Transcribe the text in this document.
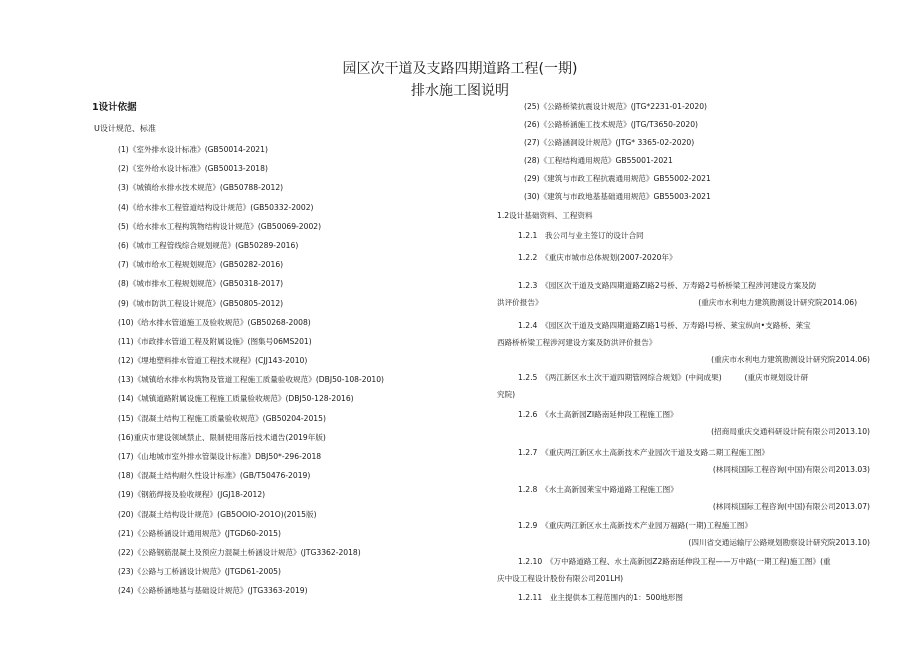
园区次干道及支路四期道路工程(一期)
排水施工图说明
1设计依据
U设计规范、标准
(1)《室外排水设计标准》(GB50014-2021)
(2)《室外给水设计标准》(GB50013-2018)
(3)《城镇给水排水技术规范》(GB50788-2012)
(4)《给水排水工程管道结构设计规范》(GB50332-2002)
(5)《给水排水工程构筑物结构设计规范》(GB50069-2002)
(6)《城市工程管线综合规划规范》(GB50289-2016)
(7)《城市给水工程规划规范》(GB50282-2016)
(8)《城市排水工程规划规范》(GB50318-2017)
(9)《城市防洪工程设计规范》(GB50805-2012)
(10)《给水排水管道施工及验收规范》(GB50268-2008)
(11)《市政排水管道工程及附属设施》(图集号06MS201)
(12)《埋地塑料排水管道工程技术规程》(CJJ143-2010)
(13)《城镇给水排水构筑物及管道工程施工质量验收规范》(DBJ50-108-2010)
(14)《城镇道路附属设施工程施工质量验收规范》(DBJ50-128-2016)
(15)《混凝土结构工程施工质量验收规范》(GB50204-2015)
(16)重庆市建设领域禁止、限制使用落后技术通告(2019年版)
(17)《山地城市室外排水管渠设计标准》DBJ50*-296-2018
(18)《混凝土结构耐久性设计标准》(GB/T50476-2019)
(19)《钢筋焊接及验收规程》(JGJ18-2012)
(20)《混凝土结构设计规范》(GB5OOIO-2O1O)(2015版)
(21)《公路桥涵设计通用规范》(JTGD60-2015)
(22)《公路钢筋混凝土及预应力混凝土桥涵设计规范》(JTG3362-2018)
(23)《公路与工桥涵设计规范》(JTGD61-2005)
(24)《公路桥涵地基与基础设计规范》(JTG3363-2019)
(25)《公路桥梁抗震设计规范》(JTG*2231-01-2020)
(26)《公路桥涵施工技术规范》(JTG/T3650-2020)
(27)《公路涵洞设计规范》(JTG* 3365-02-2020)
(28)《工程结构通用规范》GB55001-2021
(29)《建筑与市政工程抗震通用规范》GB55002-2021
(30)《建筑与市政地基基础通用规范》GB55003-2021
1.2设计基础资料、工程资料
1.2.1　我公司与业主签订的设计合同
1.2.2　《重庆市城市总体规划(2007-2020年》
1.2.3　《园区次干道及支路四期道路ZI路2号桥、万寿路2号桥桥梁工程涉河建设方案及防
洪评价报告》　　　　　　　　　　　　　　　　　　　　　(重庆市水利电力建筑勘测设计研究院2014.06)
1.2.4　《园区次干道及支路四期道路ZI路1号桥、万寿路I号桥、莱宝纵向•支路桥、莱宝
西路桥桥梁工程涉河建设方案及防洪评价报告》
(重庆市水利电力建筑勘测设计研究院2014.06)
1.2.5　《两江新区水土次干道四期管网综合规划》(中间成果)　　　(重庆市规划设计研
究院)
1.2.6　《水土高新园ZI路南延伸段工程施工图》
(招商局重庆交通科研设计院有限公司2013.10)
1.2.7　《重庆两江新区水土高新技术产业园次干道及支路二期工程施工图》
(林同棪国际工程咨询(中国)有限公司2013.03)
1.2.8　《水土高新园莱宝中路道路工程施工图》
(林同棪国际工程咨询(中国)有限公司2013.07)
1.2.9　《重庆两江新区水土高新技术产业园万福路(一期)工程施工图》
(四川省交通运输厅公路规划勘察设计研究院2013.10)
1.2.10　《万中路道路工程、水土高新园Z2路南延伸段工程——万中路(一期工程)施工图》(重
庆中设工程设计股份有限公司201LH)
1.2.11　业主提供本工程范围内的1：500地形图
